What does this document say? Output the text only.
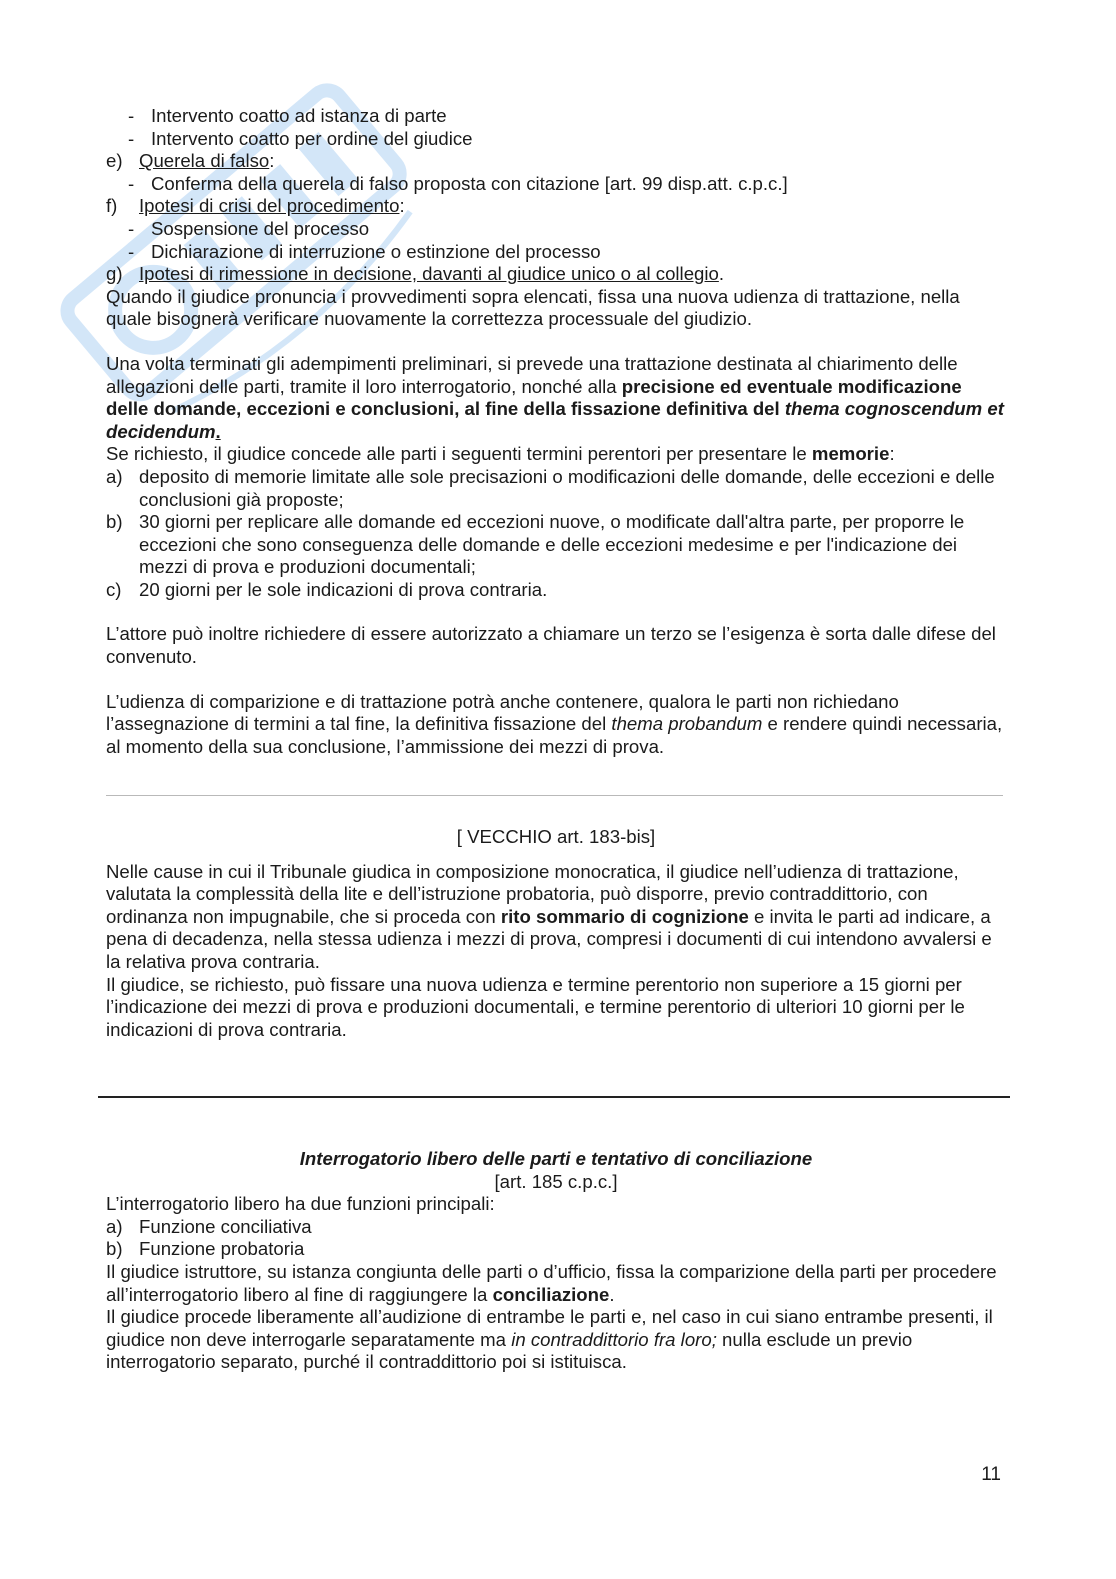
- Intervento coatto ad istanza di parte
- Intervento coatto per ordine del giudice
e) Querela di falso:
- Conferma della querela di falso proposta con citazione [art. 99 disp.att. c.p.c.]
f) Ipotesi di crisi del procedimento:
- Sospensione del processo
- Dichiarazione di interruzione o estinzione del processo
g) Ipotesi di rimessione in decisione, davanti al giudice unico o al collegio.
Quando il giudice pronuncia i provvedimenti sopra elencati, fissa una nuova udienza di trattazione, nella quale bisognerà verificare nuovamente la correttezza processuale del giudizio.
Una volta terminati gli adempimenti preliminari, si prevede una trattazione destinata al chiarimento delle allegazioni delle parti, tramite il loro interrogatorio, nonché alla precisione ed eventuale modificazione delle domande, eccezioni e conclusioni, al fine della fissazione definitiva del thema cognoscendum et decidendum.
Se richiesto, il giudice concede alle parti i seguenti termini perentori per presentare le memorie:
a) deposito di memorie limitate alle sole precisazioni o modificazioni delle domande, delle eccezioni e delle conclusioni già proposte;
b) 30 giorni per replicare alle domande ed eccezioni nuove, o modificate dall'altra parte, per proporre le eccezioni che sono conseguenza delle domande e delle eccezioni medesime e per l'indicazione dei mezzi di prova e produzioni documentali;
c) 20 giorni per le sole indicazioni di prova contraria.
L’attore può inoltre richiedere di essere autorizzato a chiamare un terzo se l’esigenza è sorta dalle difese del convenuto.
L’udienza di comparizione e di trattazione potrà anche contenere, qualora le parti non richiedano l’assegnazione di termini a tal fine, la definitiva fissazione del thema probandum e rendere quindi necessaria, al momento della sua conclusione, l’ammissione dei mezzi di prova.
[ VECCHIO art. 183-bis]
Nelle cause in cui il Tribunale giudica in composizione monocratica, il giudice nell’udienza di trattazione, valutata la complessità della lite e dell’istruzione probatoria, può disporre, previo contraddittorio, con ordinanza non impugnabile, che si proceda con rito sommario di cognizione e invita le parti ad indicare, a pena di decadenza, nella stessa udienza i mezzi di prova, compresi i documenti di cui intendono avvalersi e la relativa prova contraria.
Il giudice, se richiesto, può fissare una nuova udienza e termine perentorio non superiore a 15 giorni per l’indicazione dei mezzi di prova e produzioni documentali, e termine perentorio di ulteriori 10 giorni per le indicazioni di prova contraria.
Interrogatorio libero delle parti e tentativo di conciliazione
[art. 185 c.p.c.]
L’interrogatorio libero ha due funzioni principali:
a) Funzione conciliativa
b) Funzione probatoria
Il giudice istruttore, su istanza congiunta delle parti o d’ufficio, fissa la comparizione della parti per procedere all’interrogatorio libero al fine di raggiungere la conciliazione.
Il giudice procede liberamente all’audizione di entrambe le parti e, nel caso in cui siano entrambe presenti, il giudice non deve interrogarle separatamente ma in contraddittorio fra loro; nulla esclude un previo interrogatorio separato, purché il contraddittorio poi si istituisca.
11
